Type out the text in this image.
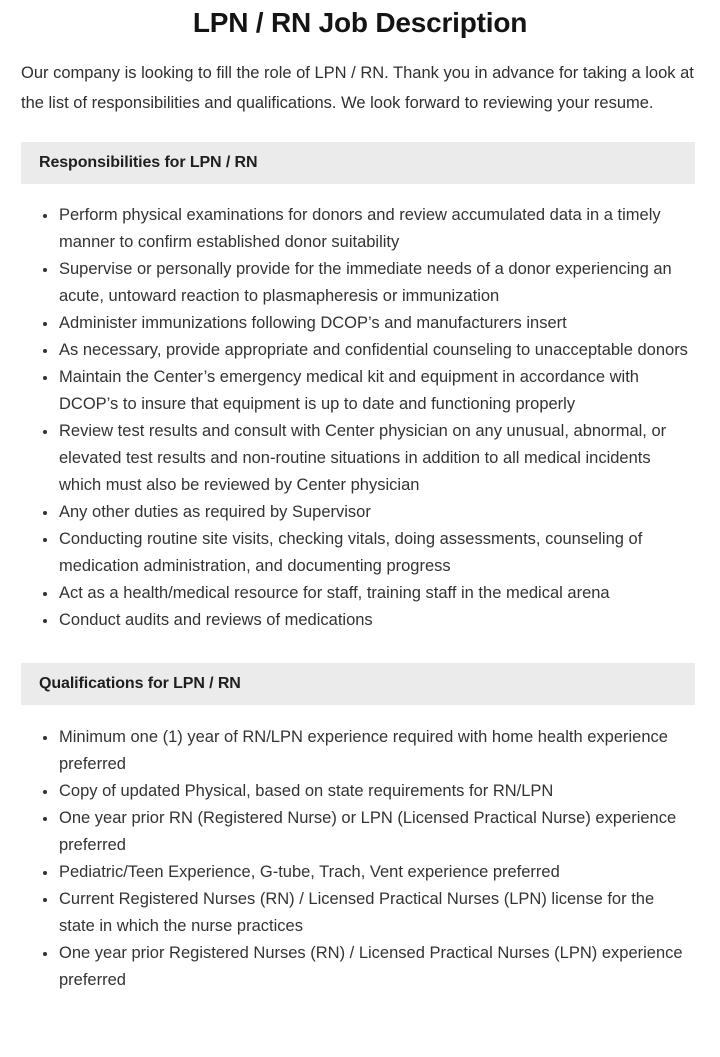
LPN / RN Job Description

Our company is looking to fill the role of LPN / RN. Thank you in advance for taking a look at the list of responsibilities and qualifications. We look forward to reviewing your resume.

Responsibilities for LPN / RN
Perform physical examinations for donors and review accumulated data in a timely manner to confirm established donor suitability
Supervise or personally provide for the immediate needs of a donor experiencing an acute, untoward reaction to plasmapheresis or immunization
Administer immunizations following DCOP’s and manufacturers insert
As necessary, provide appropriate and confidential counseling to unacceptable donors
Maintain the Center’s emergency medical kit and equipment in accordance with DCOP’s to insure that equipment is up to date and functioning properly
Review test results and consult with Center physician on any unusual, abnormal, or elevated test results and non-routine situations in addition to all medical incidents which must also be reviewed by Center physician
Any other duties as required by Supervisor
Conducting routine site visits, checking vitals, doing assessments, counseling of medication administration, and documenting progress
Act as a health/medical resource for staff, training staff in the medical arena
Conduct audits and reviews of medications
Qualifications for LPN / RN
Minimum one (1) year of RN/LPN experience required with home health experience preferred
Copy of updated Physical, based on state requirements for RN/LPN
One year prior RN (Registered Nurse) or LPN (Licensed Practical Nurse) experience preferred
Pediatric/Teen Experience, G-tube, Trach, Vent experience preferred
Current Registered Nurses (RN) / Licensed Practical Nurses (LPN) license for the state in which the nurse practices
One year prior Registered Nurses (RN) / Licensed Practical Nurses (LPN) experience preferred
